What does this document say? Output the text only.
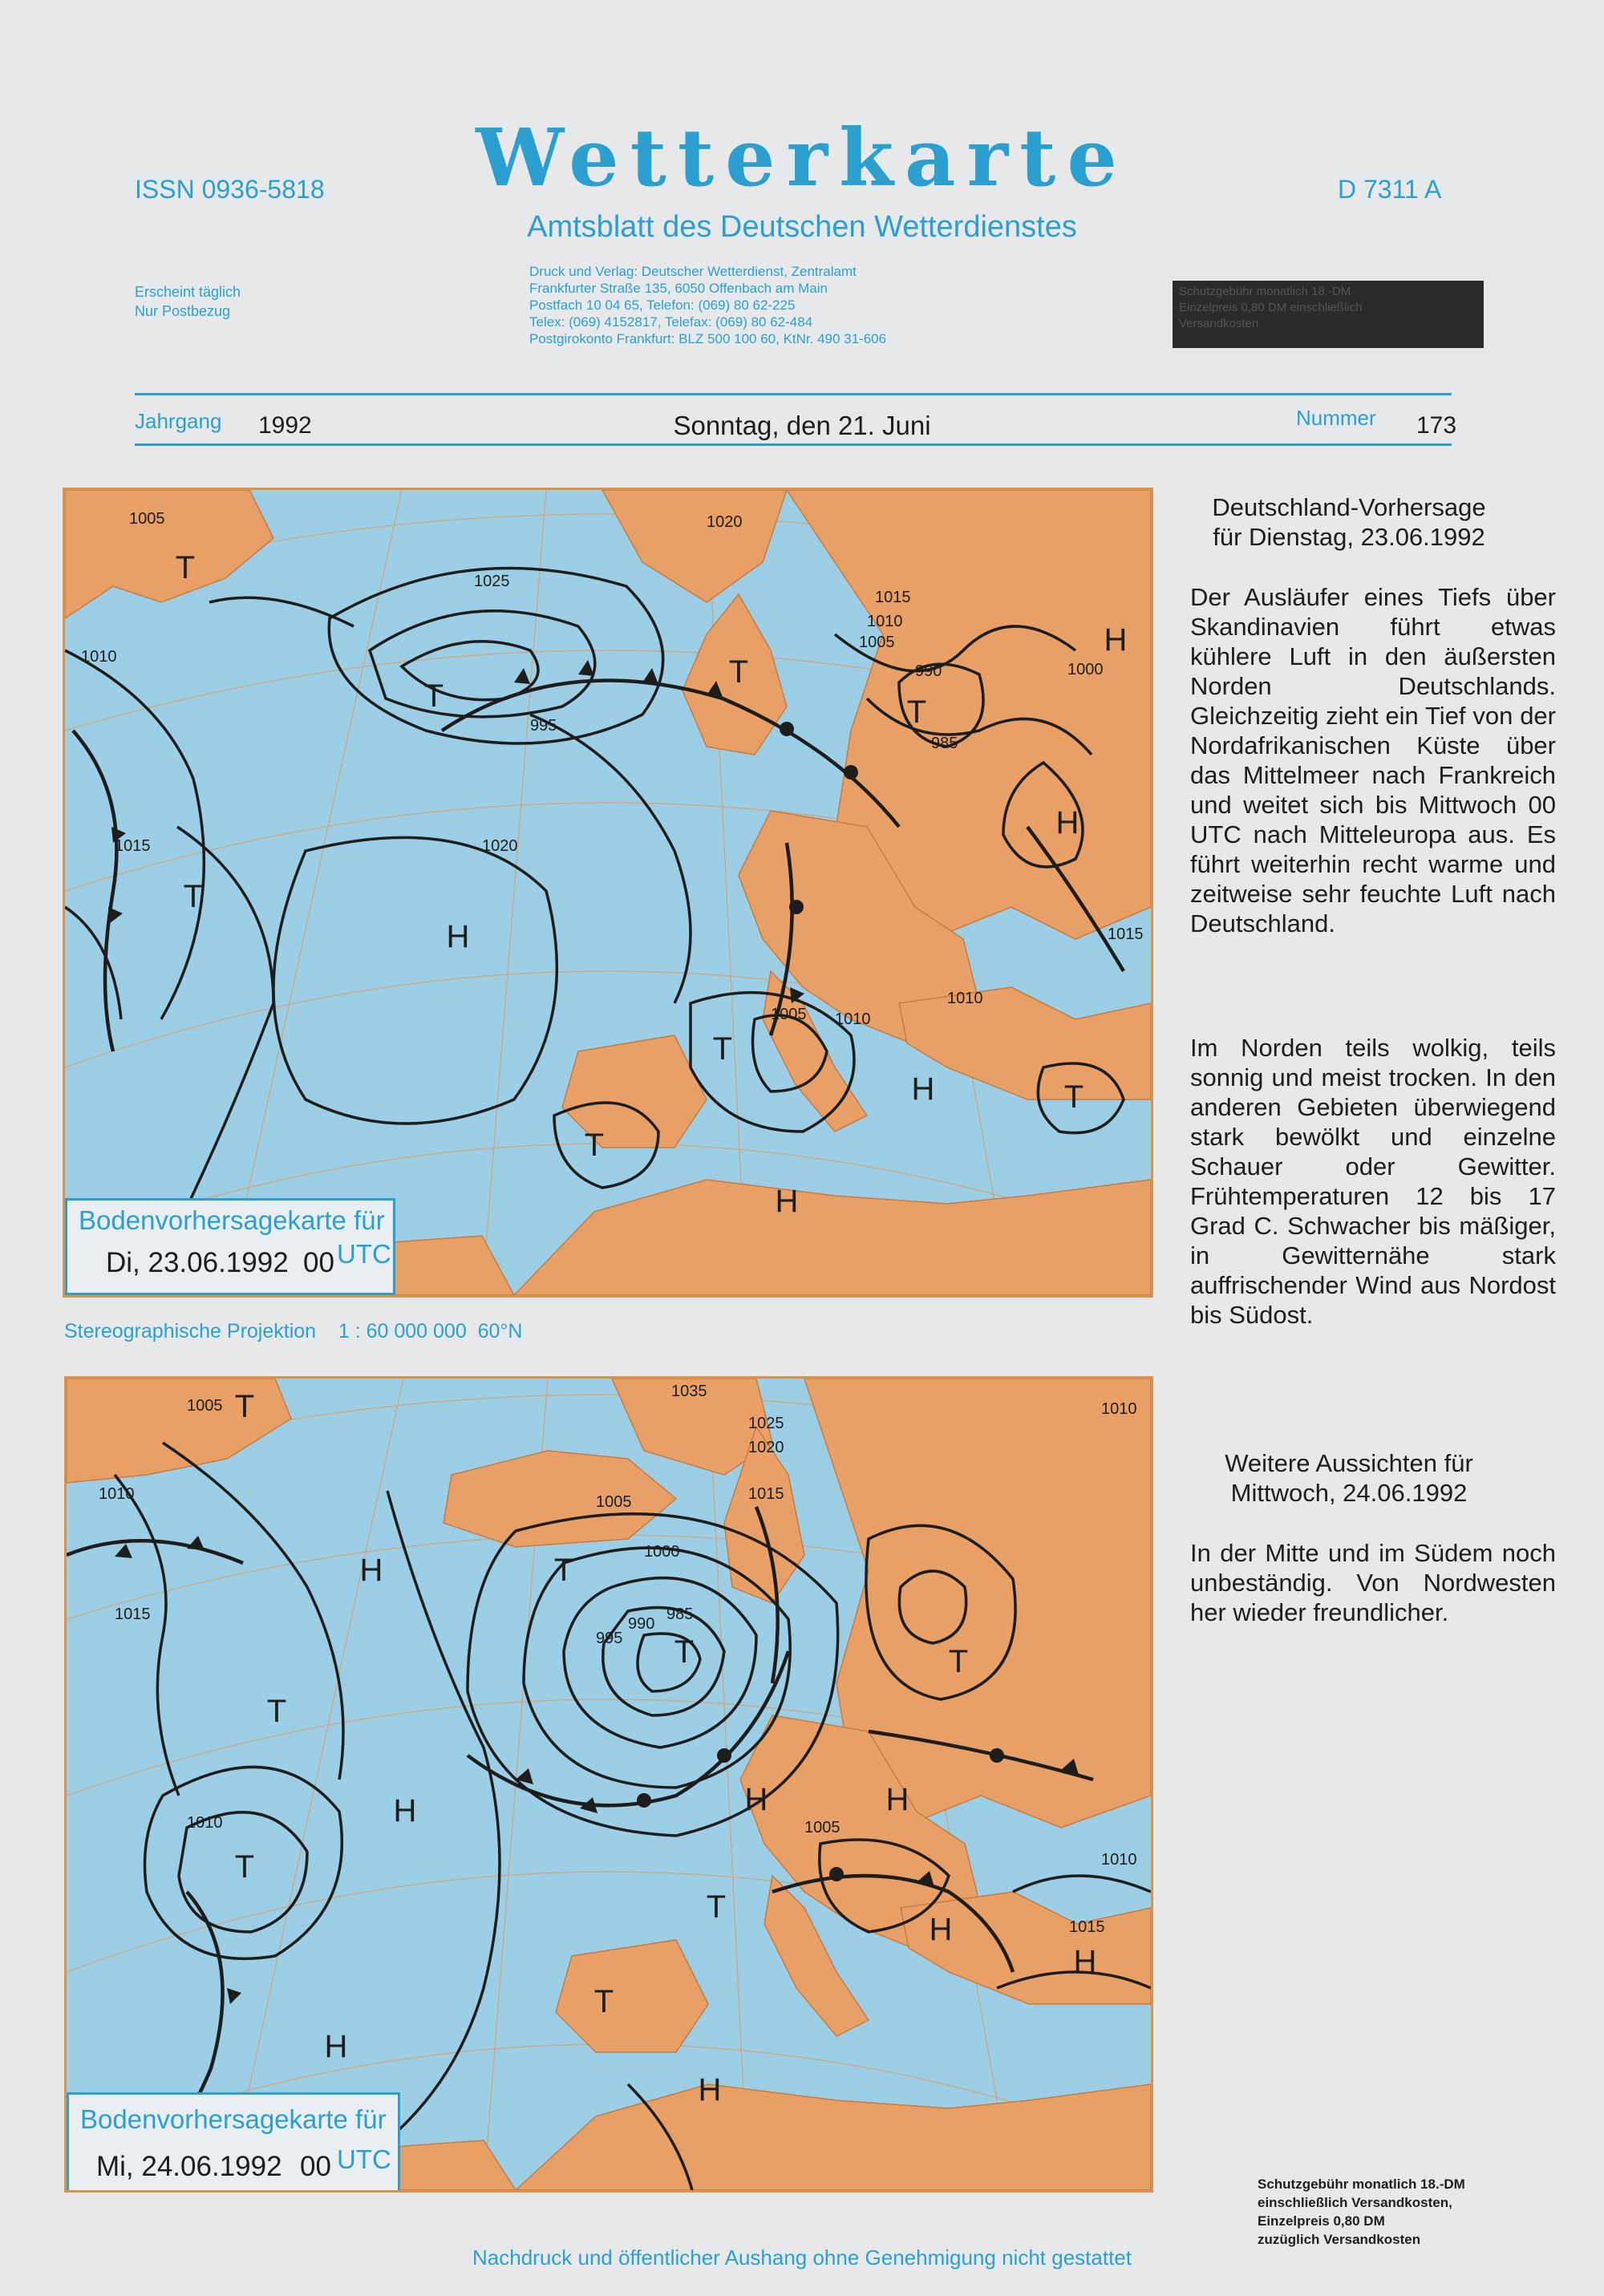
ISSN 0936-5818	Wetterkarte	D 7311 A
Amtsblatt des Deutschen Wetterdienstes
Erscheint täglich
Nur Postbezug
Druck und Verlag: Deutscher Wetterdienst, Zentralamt
Frankfurter Straße 135, 6050 Offenbach am Main
Postfach 10 04 65, Telefon: (069) 80 62-225
Telex: (069) 4152817, Telefax: (069) 80 62-484
Postgirokonto Frankfurt: BLZ 500 100 60, KtNr. 490 31-606
Schutzgebühr monatlich 18.-DM
Einzelpreis 0,80 DM einschließlich
Versandkosten
Jahrgang 1992	Sonntag, den 21. Juni	Nummer 173
T
T
T
T
T
T
T
T
H
H
H
H
H
1005
1010
1015	1020
1025
1020
1015
1010
1005
995
990
985
1000
1010
1015
1005 1010
Bodenvorhersagekarte für
Di, 23.06.1992 00 UTC
Stereographische Projektion    1 : 60 000 000  60°N
H
H
T
T
T
T
T
H	H
T
T
H
H
H
H
T
1005
1010
1015
1035
1025
1020
1015
1005
1000
995
990
985
1010	1005
1010
1015
1010
Bodenvorhersagekarte für
Mi, 24.06.1992 00 UTC
Deutschland-Vorhersage
für Dienstag, 23.06.1992
Der Ausläufer eines Tiefs über Skandinavien führt etwas kühlere Luft in den äußersten Norden Deutschlands. Gleichzeitig zieht ein Tief von der Nordafrikanischen Küste über das Mittelmeer nach Frankreich und weitet sich bis Mittwoch 00 UTC nach Mitteleuropa aus. Es führt weiterhin recht warme und zeitweise sehr feuchte Luft nach Deutschland.
Im Norden teils wolkig, teils sonnig und meist trocken. In den anderen Gebieten überwiegend stark bewölkt und einzelne Schauer oder Gewitter. Frühtemperaturen 12 bis 17 Grad C. Schwacher bis mäßiger, in Gewitternähe stark auffrischender Wind aus Nordost bis Südost.
Weitere Aussichten für
Mittwoch, 24.06.1992
In der Mitte und im Südem noch unbeständig. Von Nordwesten her wieder freundlicher.
Schutzgebühr monatlich 18.-DM
einschließlich Versandkosten,
Einzelpreis 0,80 DM
zuzüglich Versandkosten
Nachdruck und öffentlicher Aushang ohne Genehmigung nicht gestattet
